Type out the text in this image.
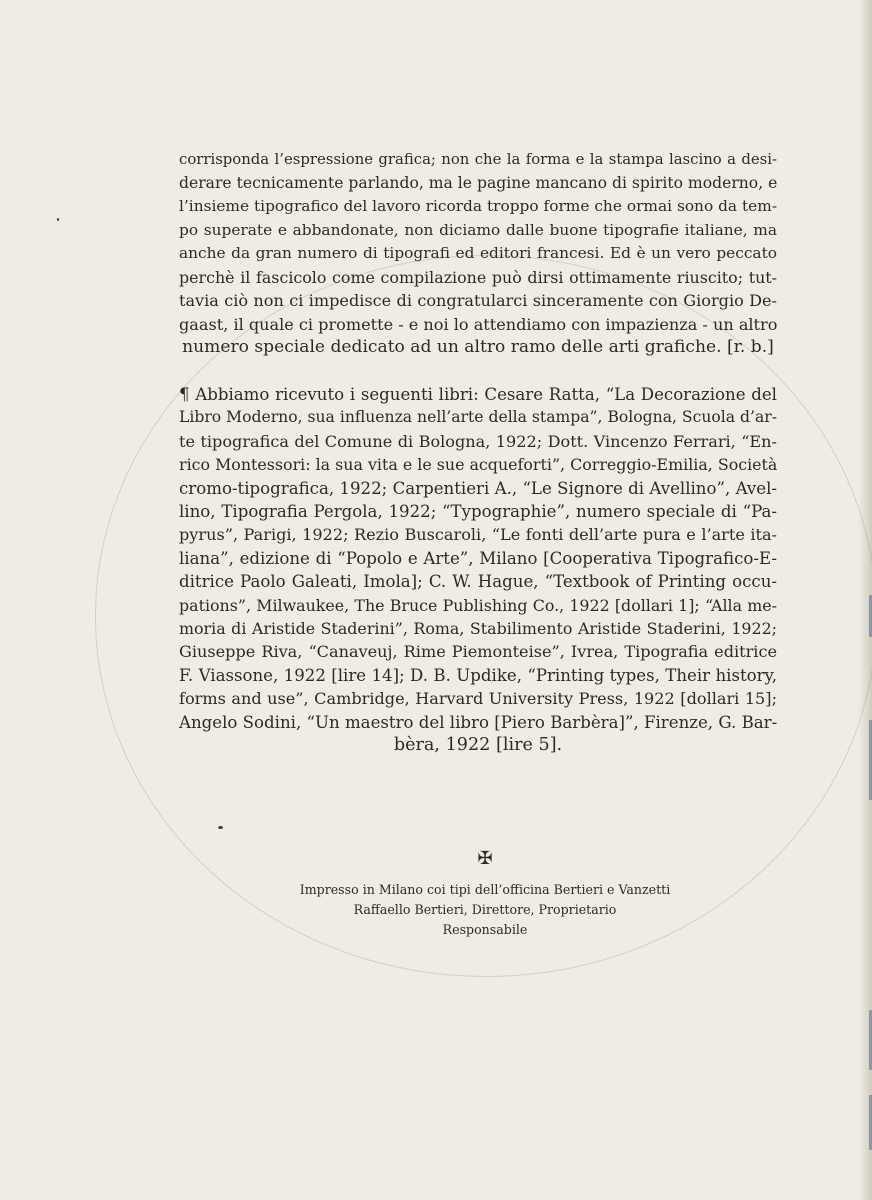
corrisponda l’espressione grafica; non che la forma e la stampa lascino a desi-
derare tecnicamente parlando, ma le pagine mancano di spirito moderno, e
l’insieme tipografico del lavoro ricorda troppo forme che ormai sono da tem-
po superate e abbandonate, non diciamo dalle buone tipografie italiane, ma
anche da gran numero di tipografi ed editori francesi. Ed è un vero peccato
perchè il fascicolo come compilazione può dirsi ottimamente riuscito; tut-
tavia ciò non ci impedisce di congratularci sinceramente con Giorgio De-
gaast, il quale ci promette - e noi lo attendiamo con impazienza - un altro
numero speciale dedicato ad un altro ramo delle arti grafiche. [r. b.]
¶ Abbiamo ricevuto i seguenti libri: Cesare Ratta, “La Decorazione del
Libro Moderno, sua influenza nell’arte della stampa”, Bologna, Scuola d’ar-
te tipografica del Comune di Bologna, 1922; Dott. Vincenzo Ferrari, “En-
rico Montessori: la sua vita e le sue acqueforti”, Correggio-Emilia, Società
cromo-tipografica, 1922; Carpentieri A., “Le Signore di Avellino”, Avel-
lino, Tipografia Pergola, 1922; “Typographie”, numero speciale di “Pa-
pyrus”, Parigi, 1922; Rezio Buscaroli, “Le fonti dell’arte pura e l’arte ita-
liana”, edizione di “Popolo e Arte”, Milano [Cooperativa Tipografico-E-
ditrice Paolo Galeati, Imola]; C. W. Hague, “Textbook of Printing occu-
pations”, Milwaukee, The Bruce Publishing Co., 1922 [dollari 1]; “Alla me-
moria di Aristide Staderini”, Roma, Stabilimento Aristide Staderini, 1922;
Giuseppe Riva, “Canaveuj, Rime Piemonteise”, Ivrea, Tipografia editrice
F. Viassone, 1922 [lire 14]; D. B. Updike, “Printing types, Their history,
forms and use”, Cambridge, Harvard University Press, 1922 [dollari 15];
Angelo Sodini, “Un maestro del libro [Piero Barbèra]”, Firenze, G. Bar-
bèra, 1922 [lire 5].
✠
Impresso in Milano coi tipi dell’officina Bertieri e Vanzetti
Raffaello Bertieri, Direttore, Proprietario
Responsabile
